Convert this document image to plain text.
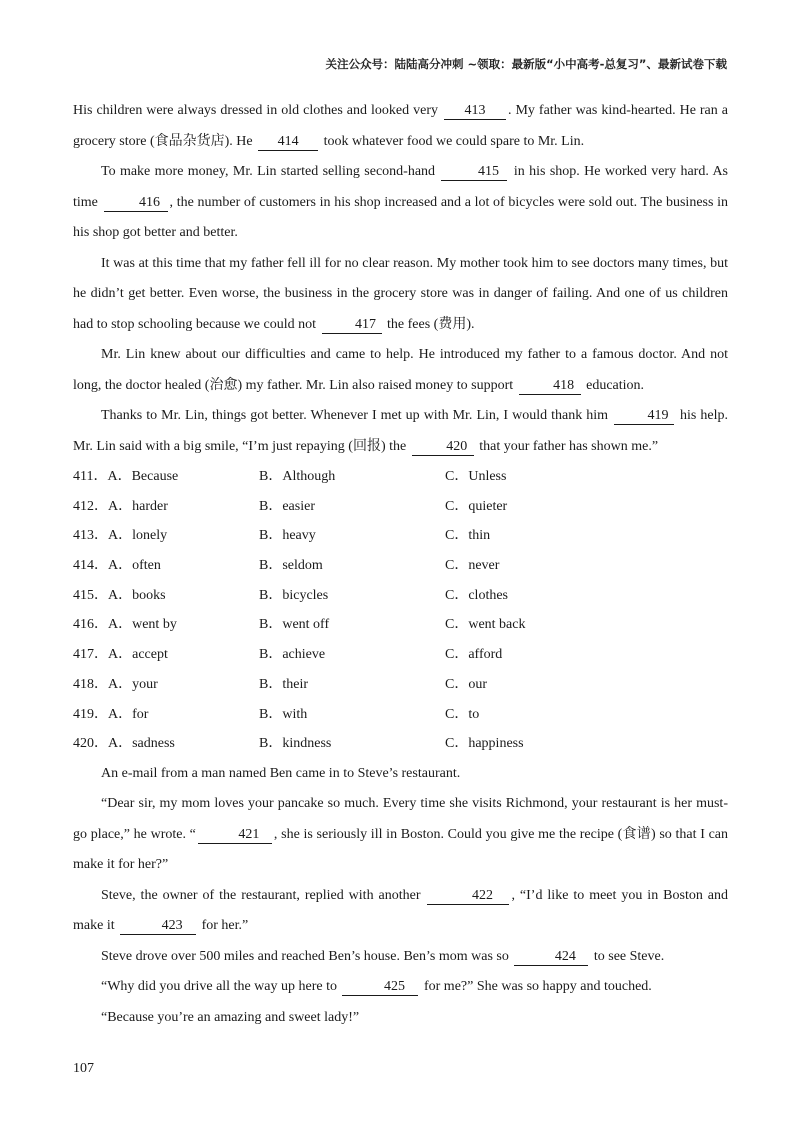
关注公众号：陆陆高分冲刺 ~领取：最新版“小中高考-总复习”、最新试卷下载

His children were always dressed in old clothes and looked very 413 . My father was kind-hearted. He ran a grocery store (食品杂货店). He 414 took whatever food we could spare to Mr. Lin.

To make more money, Mr. Lin started selling second-hand	415 in his shop. He worked very hard. As time	416 , the number of customers in his shop increased and a lot of bicycles were sold out. The business in his shop got better and better.

It was at this time that my father fell ill for no clear reason. My mother took him to see doctors many times, but he didn’t get better. Even worse, the business in the grocery store was in danger of failing. And one of us children had to stop schooling because we could not	417 the fees (费用).

Mr. Lin knew about our difficulties and came to help. He introduced my father to a famous doctor. And not long, the doctor healed (治愈) my father. Mr. Lin also raised money to support	418 education.

Thanks to Mr. Lin, things got better. Whenever I met up with Mr. Lin, I would thank him	419 his help. Mr. Lin said with a big smile, “I’m just repaying (回报) the	420 that your father has shown me.”

411．A．Because	B．Although	C．Unless
412．A．harder	B．easier	C．quieter
413．A．lonely	B．heavy	C．thin
414．A．often	B．seldom	C．never
415．A．books	B．bicycles	C．clothes
416．A．went by	B．went off	C．went back
417．A．accept	B．achieve	C．afford
418．A．your	B．their	C．our
419．A．for	B．with	C．to
420．A．sadness	B．kindness	C．happiness

An e-mail from a man named Ben came in to Steve’s restaurant.

“Dear sir, my mom loves your pancake so much. Every time she visits Richmond, your restaurant is her must-go place,” he wrote. “	421 , she is seriously ill in Boston. Could you give me the recipe (食谱) so that I can make it for her?”

Steve, the owner of the restaurant, replied with another	422 , “I’d like to meet you in Boston and make it	423 for her.”

Steve drove over 500 miles and reached Ben’s house. Ben’s mom was so	424 to see Steve.

“Why did you drive all the way up here to	425 for me?” She was so happy and touched.

“Because you’re an amazing and sweet lady!”

107
